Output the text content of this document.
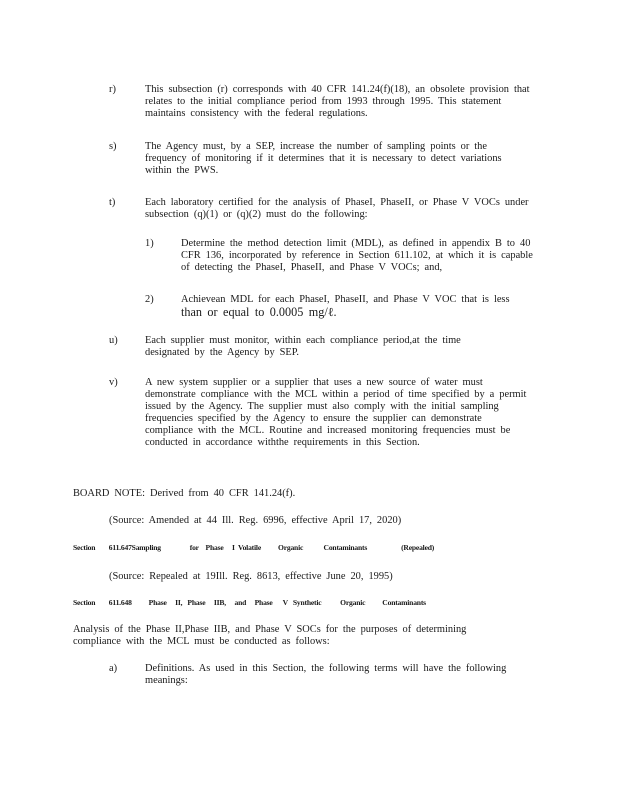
r)	This subsection (r) corresponds with 40 CFR 141.24(f)(18), an obsolete provision that relates to the initial compliance period from 1993 through 1995. This statement maintains consistency with the federal regulations.
s)	The Agency must, by a SEP, increase the number of sampling points or the frequency of monitoring if it determines that it is necessary to detect variations within the PWS.
t)	Each laboratory certified for the analysis of PhaseI, PhaseII, or Phase V VOCs under subsection (q)(1) or (q)(2) must do the following:
1)	Determine the method detection limit (MDL), as defined in appendix B to 40 CFR 136, incorporated by reference in Section 611.102, at which it is capable of detecting the PhaseI, PhaseII, and Phase V VOCs; and,
2)	Achievean MDL for each PhaseI, PhaseII, and Phase V VOC that is less
than or equal to 0.0005 mg/ℓ.
u)	Each supplier must monitor, within each compliance period,at the time designated by the Agency by SEP.
v)	A new system supplier or a supplier that uses a new source of water must demonstrate compliance with the MCL within a period of time specified by a permit issued by the Agency. The supplier must also comply with the initial sampling frequencies specified by the Agency to ensure the supplier can demonstrate compliance with the MCL. Routine and increased monitoring frequencies must be conducted in accordance withthe requirements in this Section.
BOARD NOTE: Derived from 40 CFR 141.24(f).
(Source: Amended at 44 Ill. Reg. 6996, effective April 17, 2020)
Section        611.647Sampling                 for    Phase     I  Volatile          Organic            Contaminants                    (Repealed)
(Source: Repealed at 19Ill. Reg. 8613, effective June 20, 1995)
Section        611.648          Phase     II,   Phase     IIB,     and     Phase      V   Synthetic           Organic          Contaminants
Analysis of the Phase II,Phase IIB, and Phase V SOCs for the purposes of determining compliance with the MCL must be conducted as follows:
a)	Definitions. As used in this Section, the following terms will have the following meanings:
